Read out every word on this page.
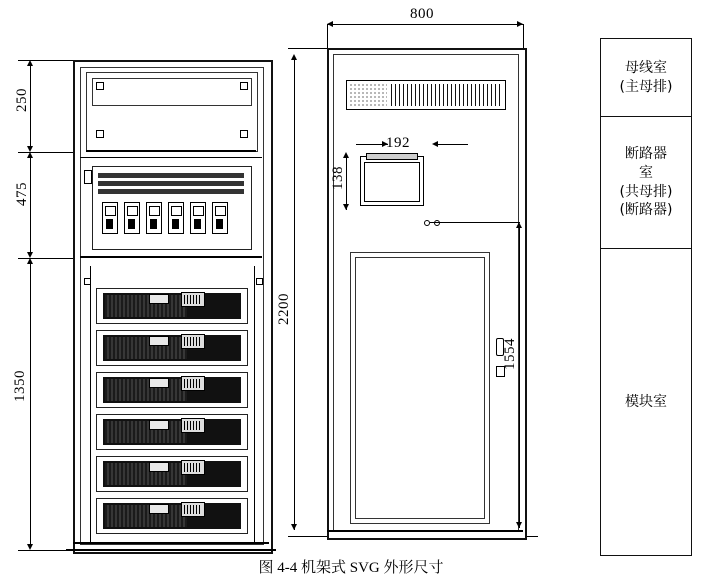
250
475
1350
800
2200
192
138
1554
母线室
(主母排)
断路器
室
(共母排)
(断路器)
模块室
图 4-4 机架式 SVG 外形尺寸
